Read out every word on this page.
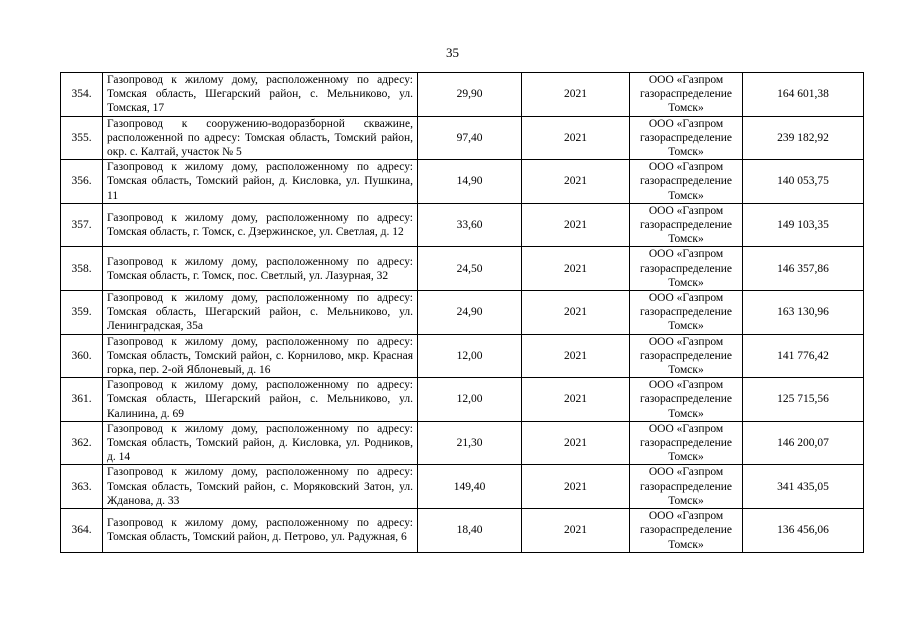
35
354.	Газопровод к жилому дому, расположенному по адресу: Томская область, Шегарский район, с. Мельниково, ул. Томская, 17	29,90	2021	ООО «Газпром газораспределение Томск»	164 601,38
355.	Газопровод к сооружению-водоразборной скважине, расположенной по адресу: Томская область, Томский район, окр. с. Калтай, участок № 5	97,40	2021	ООО «Газпром газораспределение Томск»	239 182,92
356.	Газопровод к жилому дому, расположенному по адресу: Томская область, Томский район, д. Кисловка, ул. Пушкина, 11	14,90	2021	ООО «Газпром газораспределение Томск»	140 053,75
357.	Газопровод к жилому дому, расположенному по адресу: Томская область, г. Томск, с. Дзержинское, ул. Светлая, д. 12	33,60	2021	ООО «Газпром газораспределение Томск»	149 103,35
358.	Газопровод к жилому дому, расположенному по адресу: Томская область, г. Томск, пос. Светлый, ул. Лазурная, 32	24,50	2021	ООО «Газпром газораспределение Томск»	146 357,86
359.	Газопровод к жилому дому, расположенному по адресу: Томская область, Шегарский район, с. Мельниково, ул. Ленинградская, 35а	24,90	2021	ООО «Газпром газораспределение Томск»	163 130,96
360.	Газопровод к жилому дому, расположенному по адресу: Томская область, Томский район, с. Корнилово, мкр. Красная горка, пер. 2-ой Яблоневый, д. 16	12,00	2021	ООО «Газпром газораспределение Томск»	141 776,42
361.	Газопровод к жилому дому, расположенному по адресу: Томская область, Шегарский район, с. Мельниково, ул. Калинина, д. 69	12,00	2021	ООО «Газпром газораспределение Томск»	125 715,56
362.	Газопровод к жилому дому, расположенному по адресу: Томская область, Томский район, д. Кисловка, ул. Родников, д. 14	21,30	2021	ООО «Газпром газораспределение Томск»	146 200,07
363.	Газопровод к жилому дому, расположенному по адресу: Томская область, Томский район, с. Моряковский Затон, ул. Жданова, д. 33	149,40	2021	ООО «Газпром газораспределение Томск»	341 435,05
364.	Газопровод к жилому дому, расположенному по адресу: Томская область, Томский район, д. Петрово, ул. Радужная, 6	18,40	2021	ООО «Газпром газораспределение Томск»	136 456,06
